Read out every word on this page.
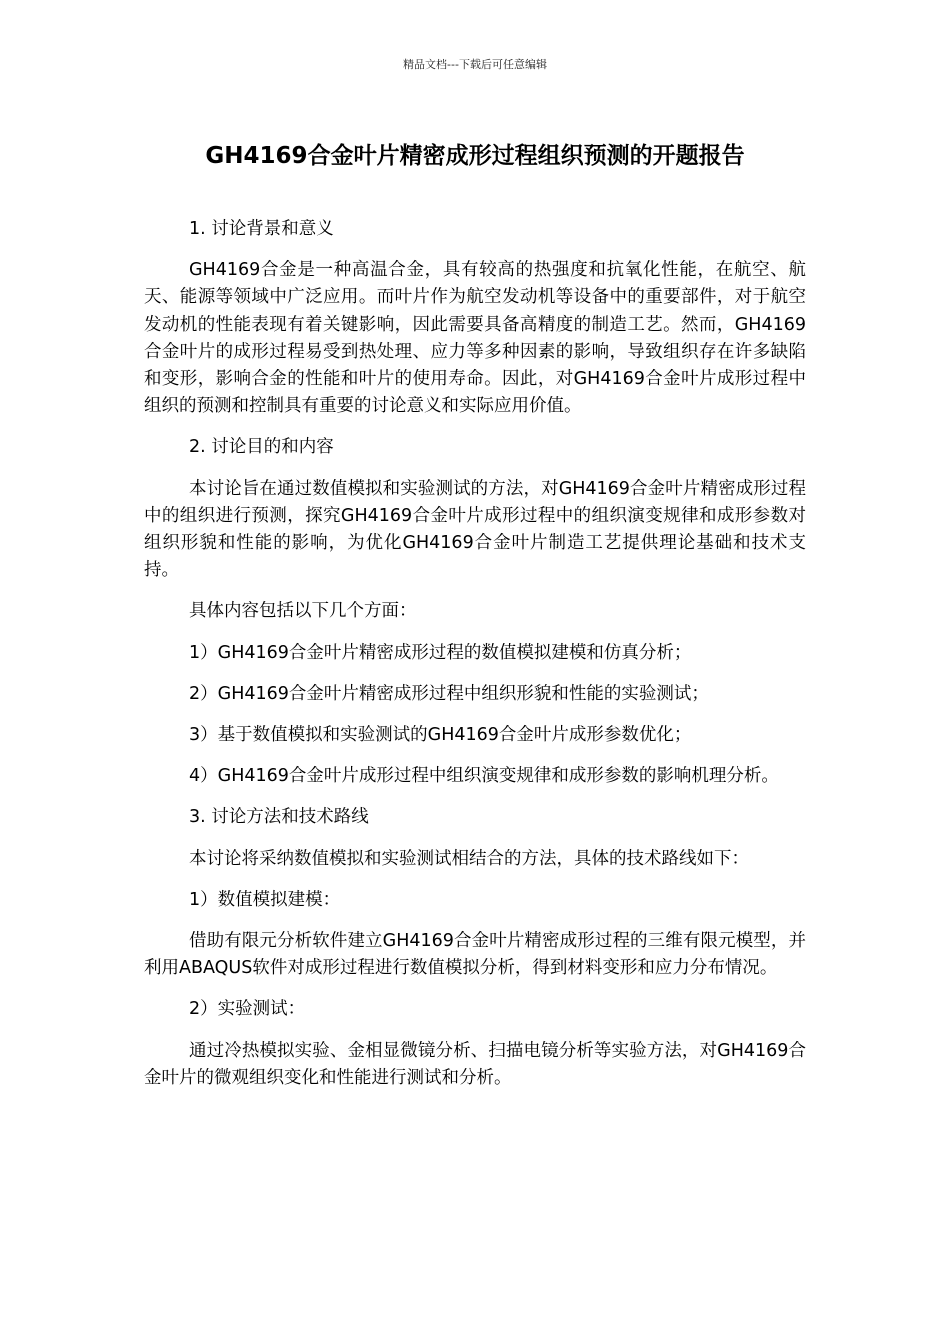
精品文档---下载后可任意编辑
GH4169合金叶片精密成形过程组织预测的开题报告

1. 讨论背景和意义

GH4169合金是一种高温合金，具有较高的热强度和抗氧化性能，在航空、航天、能源等领域中广泛应用。而叶片作为航空发动机等设备中的重要部件，对于航空发动机的性能表现有着关键影响，因此需要具备高精度的制造工艺。然而，GH4169合金叶片的成形过程易受到热处理、应力等多种因素的影响，导致组织存在许多缺陷和变形，影响合金的性能和叶片的使用寿命。因此，对GH4169合金叶片成形过程中组织的预测和控制具有重要的讨论意义和实际应用价值。

2. 讨论目的和内容

本讨论旨在通过数值模拟和实验测试的方法，对GH4169合金叶片精密成形过程中的组织进行预测，探究GH4169合金叶片成形过程中的组织演变规律和成形参数对组织形貌和性能的影响，为优化GH4169合金叶片制造工艺提供理论基础和技术支持。

具体内容包括以下几个方面：

1）GH4169合金叶片精密成形过程的数值模拟建模和仿真分析；

2）GH4169合金叶片精密成形过程中组织形貌和性能的实验测试；

3）基于数值模拟和实验测试的GH4169合金叶片成形参数优化；

4）GH4169合金叶片成形过程中组织演变规律和成形参数的影响机理分析。

3. 讨论方法和技术路线

本讨论将采纳数值模拟和实验测试相结合的方法，具体的技术路线如下：

1）数值模拟建模：

借助有限元分析软件建立GH4169合金叶片精密成形过程的三维有限元模型，并利用ABAQUS软件对成形过程进行数值模拟分析，得到材料变形和应力分布情况。

2）实验测试：

通过冷热模拟实验、金相显微镜分析、扫描电镜分析等实验方法，对GH4169合金叶片的微观组织变化和性能进行测试和分析。
